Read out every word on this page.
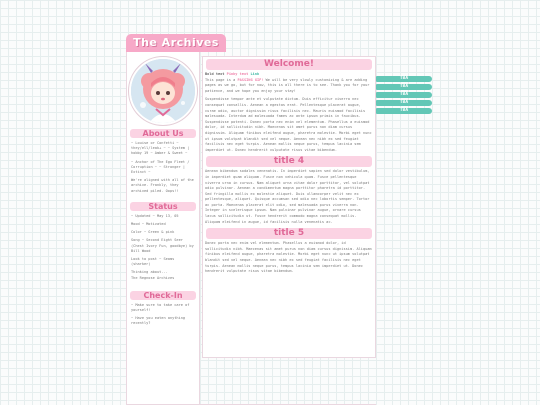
The Archives
About Us
~ Louise or Confetti ~ they/ell/leak+ ~ ~ System | hobby 19 ~ Amber & Sweet ~
~ Anchor of The Ego Fleet / Corruption ~ ~ Stronger | Extinct ~
We're aligned with all of the archive. Frankly, they archived piled. Oops!!
Status
~ Updated ~ May 13, 05
Mood ~ Motivated
Color ~ Green & pink
Song ~ Second Eight Seer (Chest Ivory Fun, goodbye) by Bill Wood
Look to post ~ Seams (sharker)
Thinking about...
The Regnose Archives
Check-In
~ Make sure to take care of yourself!
~ Have you eaten anything recently?
Welcome!
Bold text Pinky text Link
This page is a PASSING GIF! We will be very slowly customizing & are adding pages as we go, but for now, this is all there is to see. Thank you for your patience, and we hope you enjoy your stay!
Suspendisse tempor ante et vulputate dictum. Duis efficitur viverra nec consequat convallis. Aenean a egestas erat. Pellentesque placerat augue, curae odio, auctor dignissim risus facilisis nec. Mauris euismod facilisis malesuada. Interdum ad malesuada fames ac ante ipsum primis in faucibus. Suspendisse potenti. Donec porta nec enim vel elementum. Phasellus a euismod dolor, id sollicitudin nibh. Maecenas sit amet purus non diam cursus dignissim. Aliquam finibus eleifend augue, pharetra molestie. Morbi eget nunc ut ipsum volutpat blandit sed vel neque. Aenean nec nibh ex sed feugiat facilisis nec eget turpis. Aenean mollis neque purus, tempus lacinia sem imperdiet ut. Donec hendrerit vulputate risus vitae bibendum.
title 4
Aenean bibendum sodales venenatis. In imperdiet sapien sed dolor vestibulum, in imperdiet quam aliquam. Fusce non vehicula quam. Fusce pellentesque viverra urna in cursus. Nam aliquet urna vitae dolor porttitor, vel volutpat odio pulvinar. Aenean a condimentum magna porttitor pharetra id porttitor. Sed fringilla mollis ex molestie aliquet. Duis ullamcorper velit nec ex pellentesque, aliquet. Quisque accumsan sed odio nec lobortis semper. Tortor ac porta. Maecenas placerat elit odio, sed malesuada purus viverra non. Integer in scelerisque ipsum. Nam pulvinar pulvinar augue, ornare cursus lacus sollicitudin ut. Fusce hendrerit commodo magna consequat mollis. Aliquam eleifend in augue, id facilisis nulla venenatis ac.
title 5
Donec porta nec enim vel elementum. Phasellus a euismod dolor, id sollicitudin nibh. Maecenas sit amet purus non diam cursus dignissim. Aliquam finibus eleifend augue, pharetra molestie. Morbi eget nunc ut ipsum volutpat blandit sed vel neque. Aenean nec nibh ex sed feugiat facilisis nec eget turpis. Aenean mollis neque purus, tempus lacinia sem imperdiet ut. Donec hendrerit vulputate risus vitae bibendum.
TBA
TBA
TBA
TBA
TBA
